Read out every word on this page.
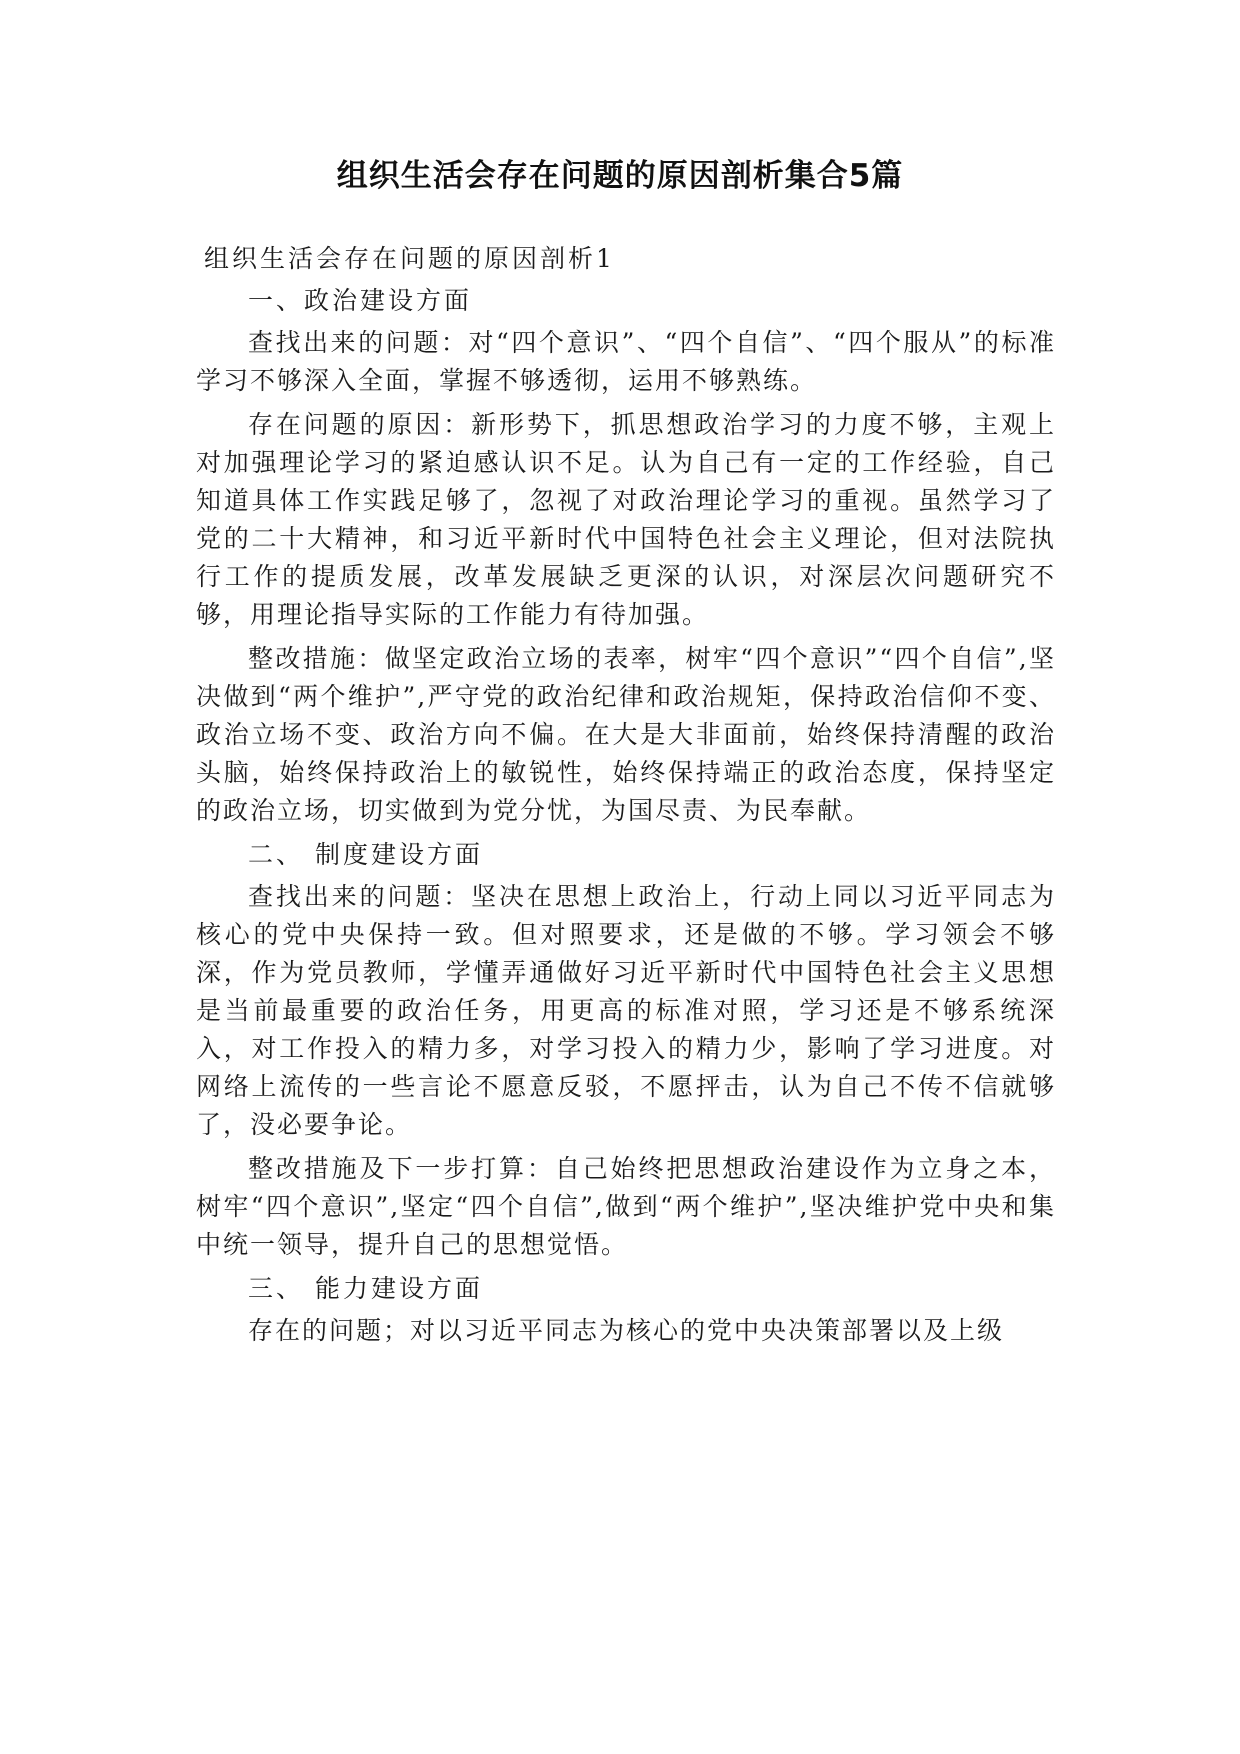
组织生活会存在问题的原因剖析集合5篇

组织生活会存在问题的原因剖析1

一、政治建设方面

查找出来的问题：对“四个意识”、“四个自信”、“四个服从”的标准学习不够深入全面，掌握不够透彻，运用不够熟练。

存在问题的原因：新形势下，抓思想政治学习的力度不够，主观上对加强理论学习的紧迫感认识不足。认为自己有一定的工作经验，自己知道具体工作实践足够了，忽视了对政治理论学习的重视。虽然学习了党的二十大精神，和习近平新时代中国特色社会主义理论，但对法院执行工作的提质发展，改革发展缺乏更深的认识，对深层次问题研究不够，用理论指导实际的工作能力有待加强。

整改措施：做坚定政治立场的表率，树牢“四个意识”“四个自信”,坚决做到“两个维护”,严守党的政治纪律和政治规矩，保持政治信仰不变、政治立场不变、政治方向不偏。在大是大非面前，始终保持清醒的政治头脑，始终保持政治上的敏锐性，始终保持端正的政治态度，保持坚定的政治立场，切实做到为党分忧，为国尽责、为民奉献。

二、 制度建设方面

查找出来的问题：坚决在思想上政治上，行动上同以习近平同志为核心的党中央保持一致。但对照要求，还是做的不够。学习领会不够深，作为党员教师，学懂弄通做好习近平新时代中国特色社会主义思想是当前最重要的政治任务，用更高的标准对照，学习还是不够系统深入，对工作投入的精力多，对学习投入的精力少，影响了学习进度。对网络上流传的一些言论不愿意反驳，不愿抨击，认为自己不传不信就够了，没必要争论。

整改措施及下一步打算：自己始终把思想政治建设作为立身之本，树牢“四个意识”,坚定“四个自信”,做到“两个维护”,坚决维护党中央和集中统一领导，提升自己的思想觉悟。

三、 能力建设方面

存在的问题；对以习近平同志为核心的党中央决策部署以及上级
